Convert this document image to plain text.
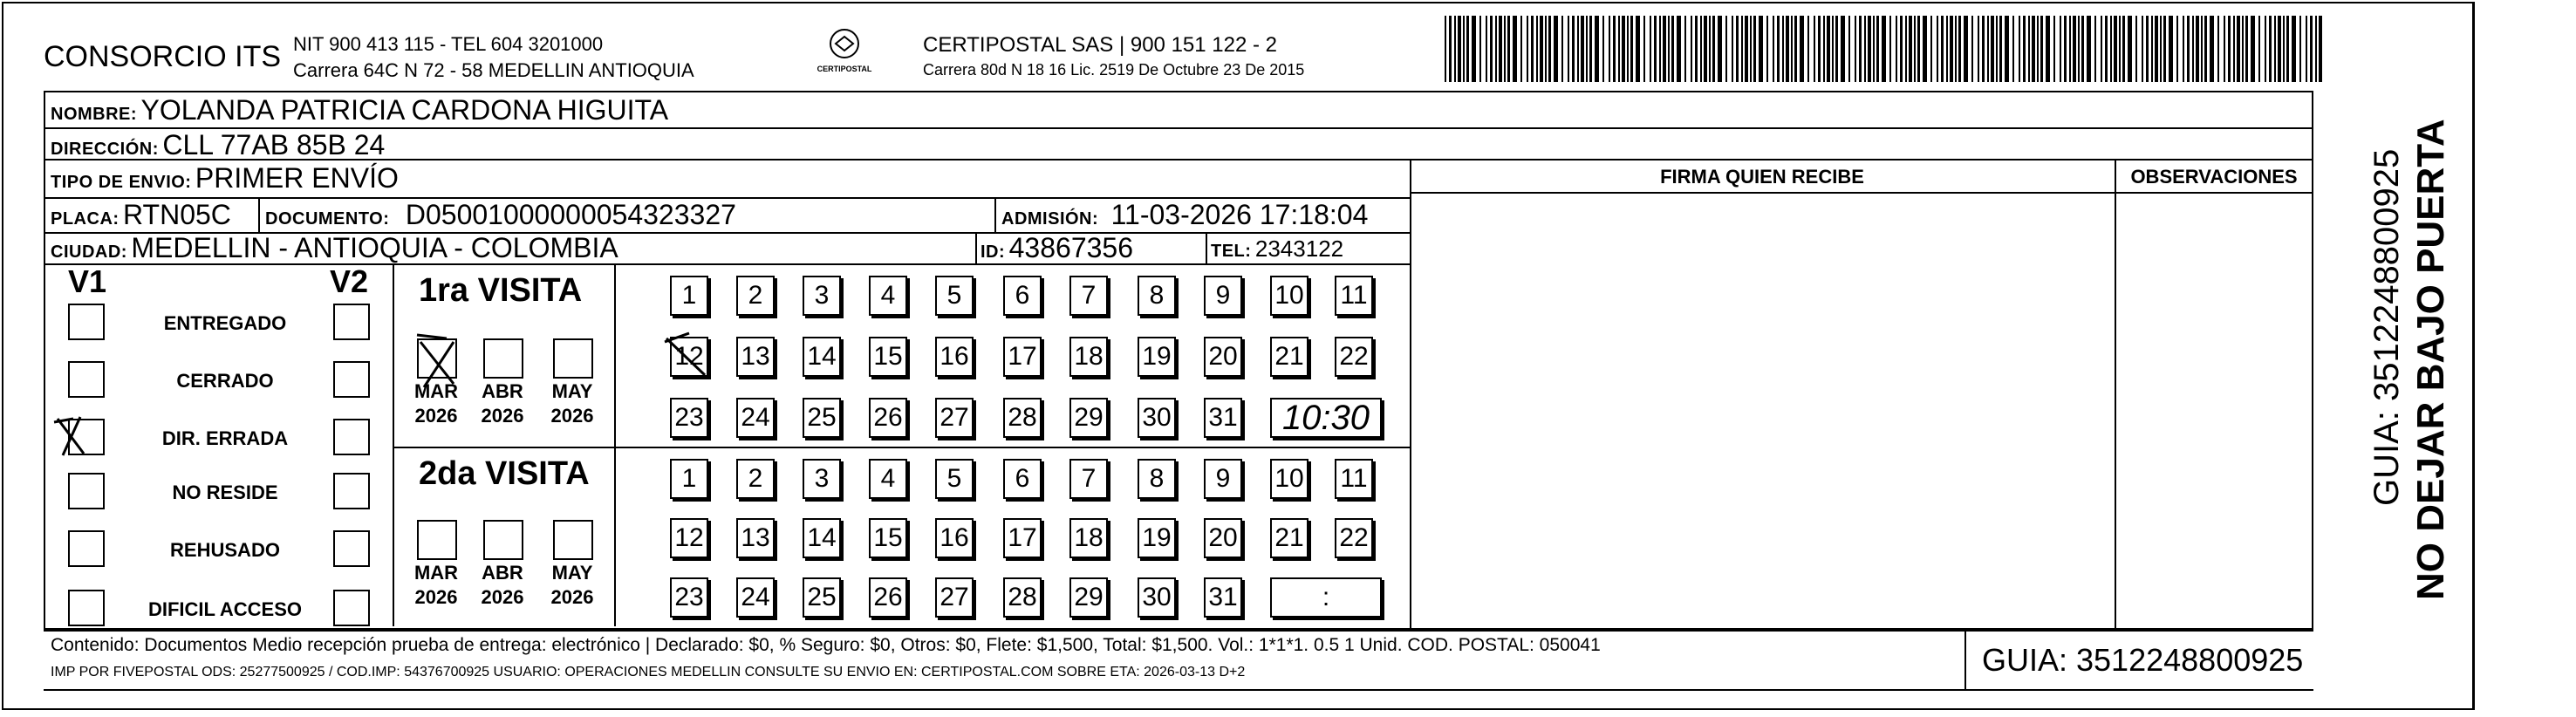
CONSORCIO ITS NIT 900 413 115 - TEL 604 3201000
Carrera 64C N 72 - 58 MEDELLIN ANTIOQUIA	CERTIPOSTAL
CERTIPOSTAL SAS | 900 151 122 - 2
Carrera 80d N 18 16 Lic. 2519 De Octubre 23 De 2015
NOMBRE: YOLANDA PATRICIA CARDONA HIGUITA
DIRECCIÓN: CLL 77AB 85B 24
TIPO DE ENVIO: PRIMER ENVÍO	FIRMA QUIEN RECIBE	OBSERVACIONES
PLACA: RTN05C DOCUMENTO: D05001000000054323327	ADMISIÓN: 11-03-2026 17:18:04
CIUDAD: MEDELLIN - ANTIOQUIA - COLOMBIA	ID: 43867356	TEL: 2343122
V1	V2
ENTREGADO
CERRADO
DIR. ERRADA
NO RESIDE
REHUSADO
DIFICIL ACCESO
1ra VISITA
2da VISITA
MAR
2026
ABR
2026
MAY
2026
MAR
2026
ABR
2026
MAY
2026
1	2	3	4	5	6	7	8	9	10 11
12 13 14 15 16 17 18 19 20 21 22
23 24 25 26 27 28 29 30 31	10:30
1	2	3	4	5	6	7	8	9	10 11
12 13 14 15 16 17 18 19 20 21 22
23 24 25 26 27 28 29 30 31	:
Contenido: Documentos Medio recepción prueba de entrega: electrónico | Declarado: $0, % Seguro: $0, Otros: $0, Flete: $1,500, Total: $1,500. Vol.: 1*1*1. 0.5 1 Unid. COD. POSTAL: 050041
IMP POR FIVEPOSTAL ODS: 25277500925 / COD.IMP: 54376700925 USUARIO: OPERACIONES MEDELLIN CONSULTE SU ENVIO EN: CERTIPOSTAL.COM SOBRE ETA: 2026-03-13 D+2	GUIA: 3512248800925
NO DEJAR BAJO PUERTA
GUIA: 3512248800925
